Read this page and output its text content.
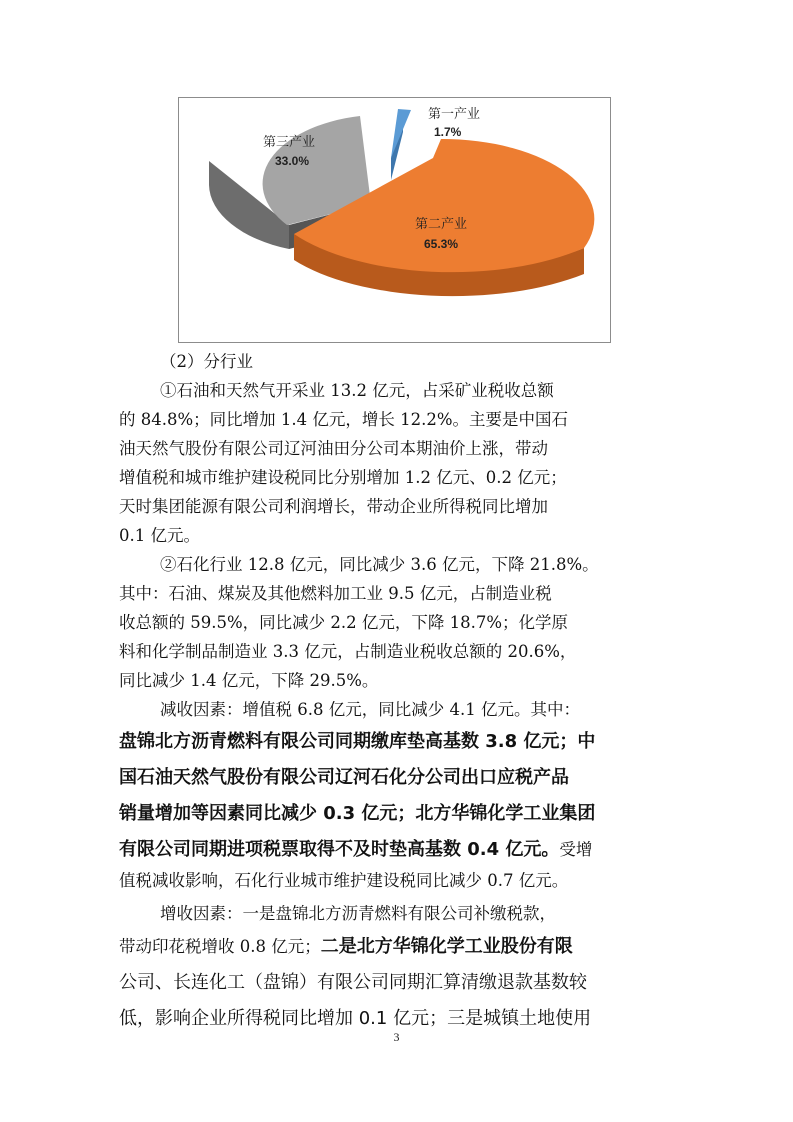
第一产业
1.7%
第三产业
33.0%
第二产业
65.3%

（2）分行业

①石油和天然气开采业 13.2 亿元，占采矿业税收总额

的 84.8%；同比增加 1.4 亿元，增长 12.2%。主要是中国石

油天然气股份有限公司辽河油田分公司本期油价上涨，带动

增值税和城市维护建设税同比分别增加 1.2 亿元、0.2 亿元；

天时集团能源有限公司利润增长，带动企业所得税同比增加

0.1 亿元。

②石化行业 12.8 亿元，同比减少 3.6 亿元，下降 21.8%。

其中：石油、煤炭及其他燃料加工业 9.5 亿元，占制造业税

收总额的 59.5%，同比减少 2.2 亿元，下降 18.7%；化学原

料和化学制品制造业 3.3 亿元，占制造业税收总额的 20.6%，

同比减少 1.4 亿元，下降 29.5%。

减收因素：增值税 6.8 亿元，同比减少 4.1 亿元。其中：

盘锦北方沥青燃料有限公司同期缴库垫高基数 3.8 亿元；中

国石油天然气股份有限公司辽河石化分公司出口应税产品

销量增加等因素同比减少 0.3 亿元；北方华锦化学工业集团

有限公司同期进项税票取得不及时垫高基数 0.4 亿元。受增

值税减收影响，石化行业城市维护建设税同比减少 0.7 亿元。

增收因素：一是盘锦北方沥青燃料有限公司补缴税款，

带动印花税增收 0.8 亿元；二是北方华锦化学工业股份有限

公司、长连化工（盘锦）有限公司同期汇算清缴退款基数较

低，影响企业所得税同比增加 0.1 亿元；三是城镇土地使用

3
